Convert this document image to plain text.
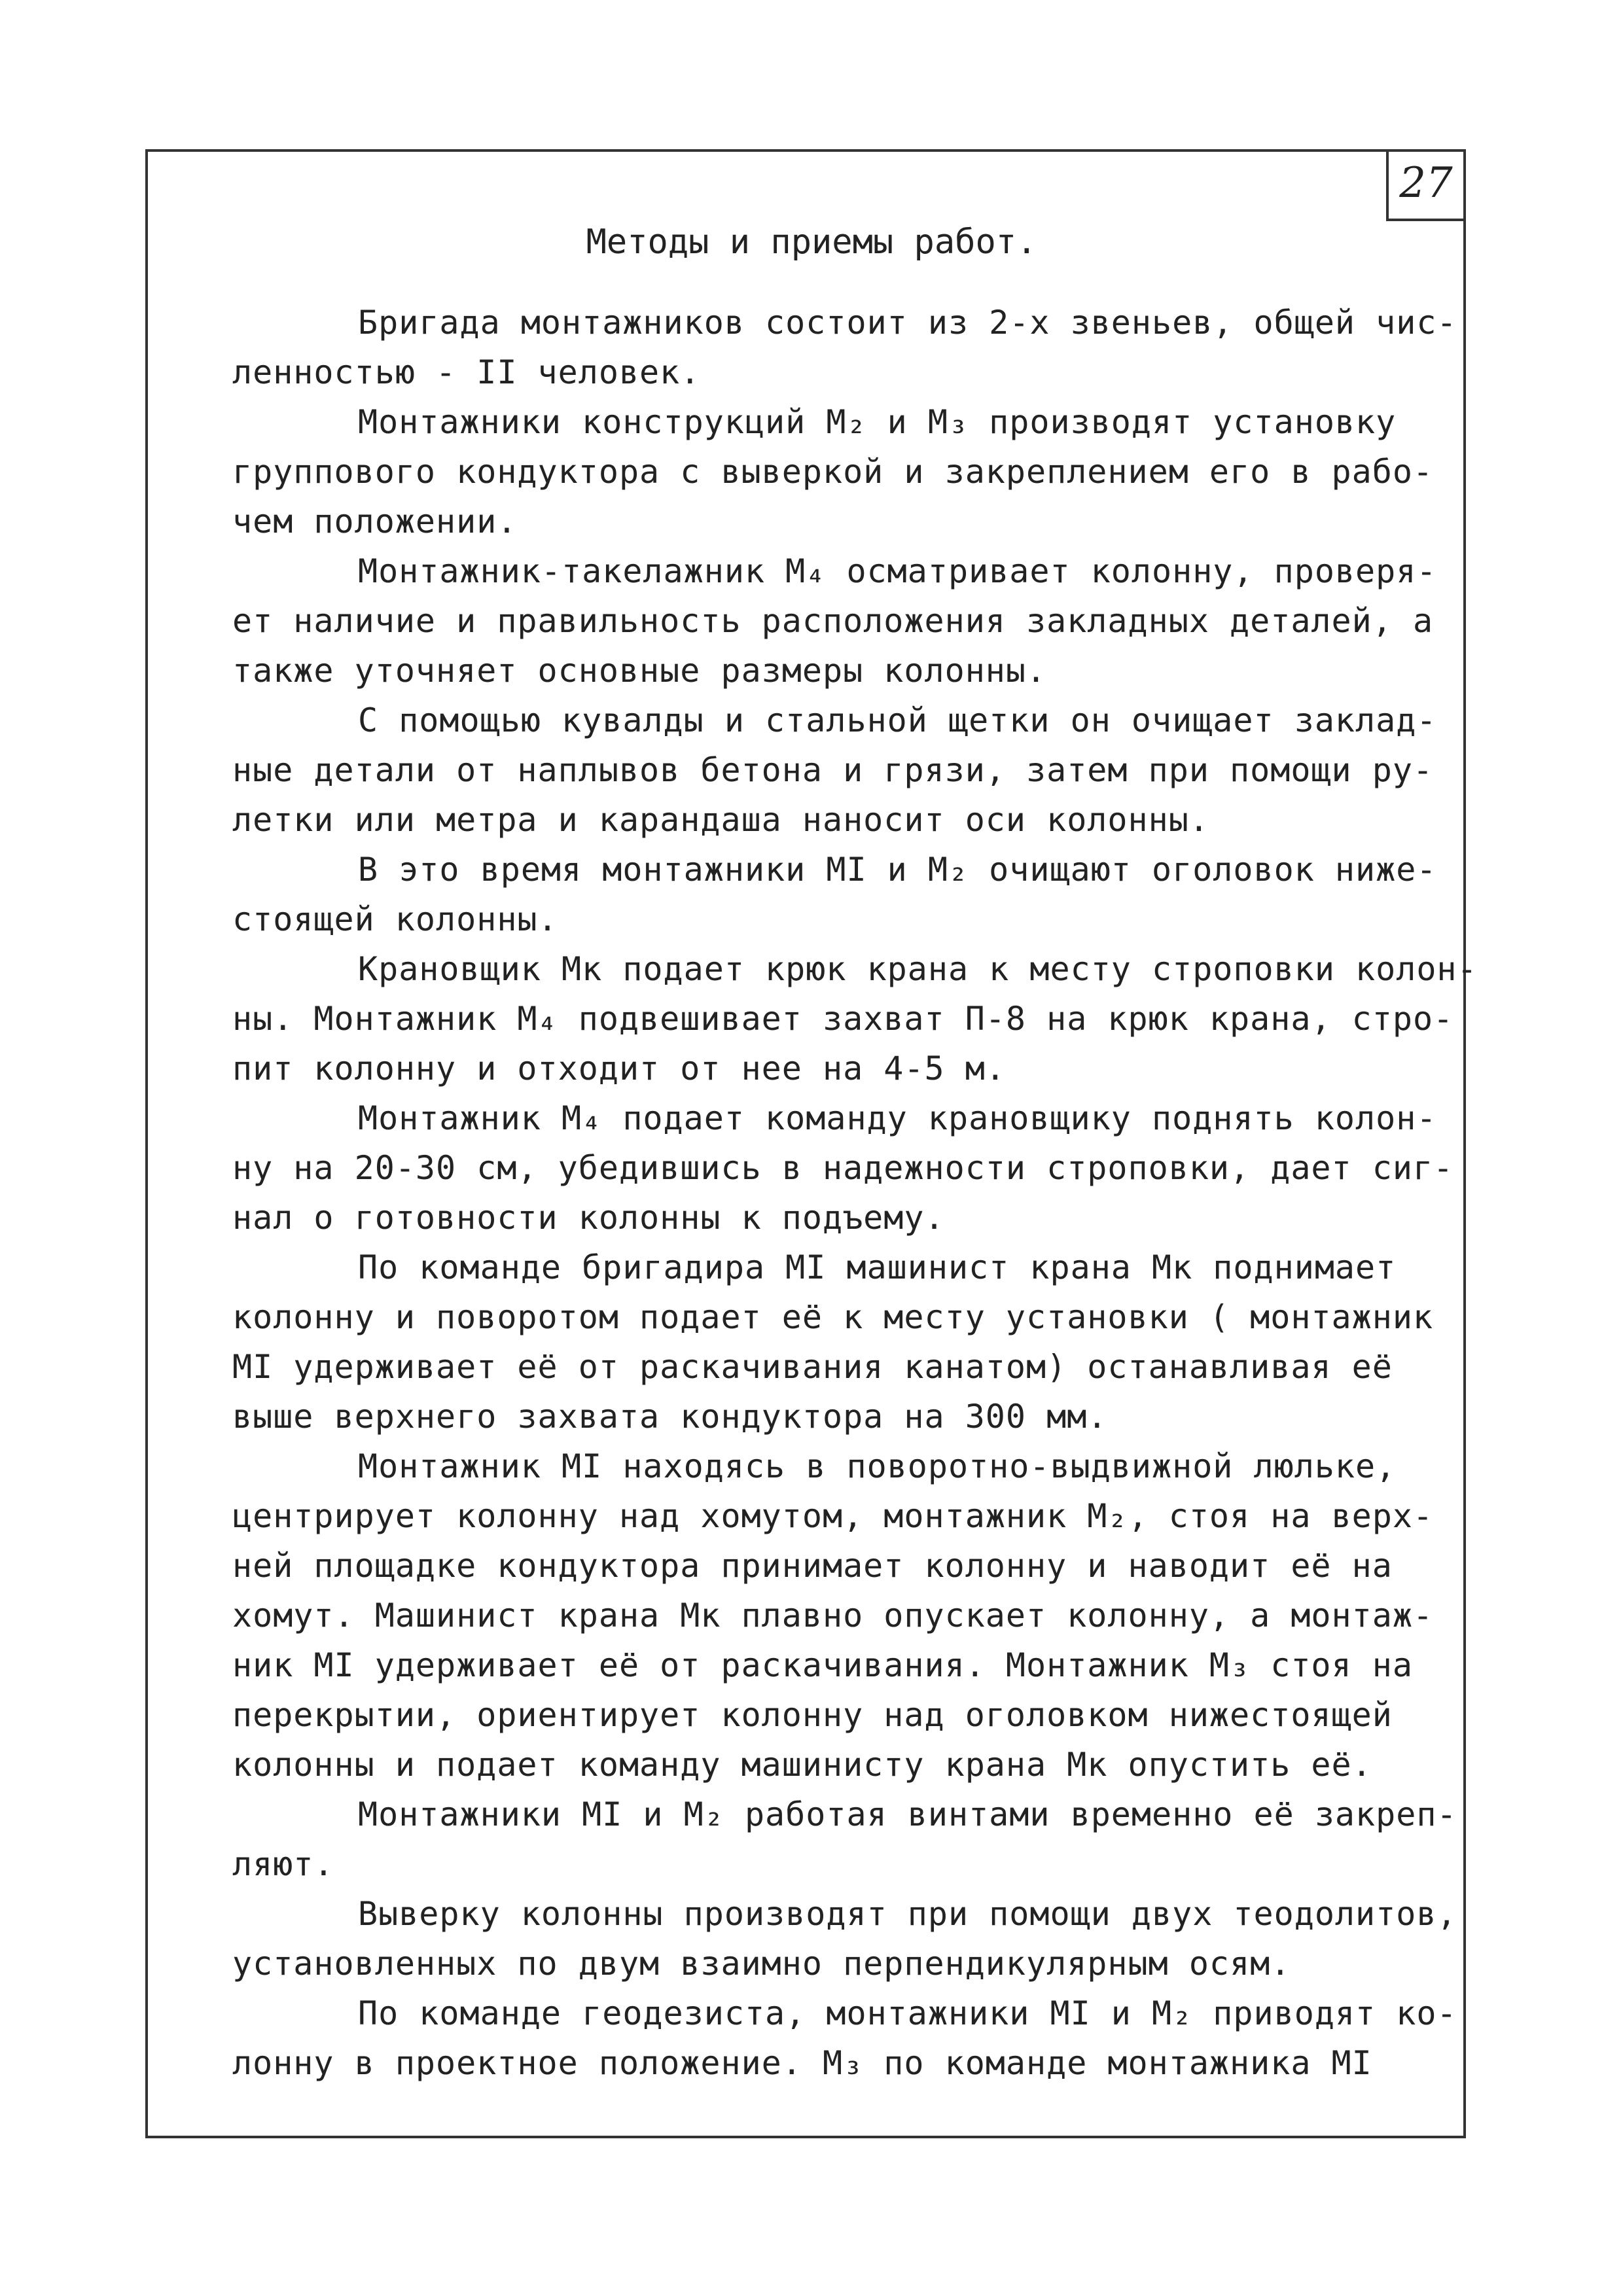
27
Методы и приемы работ.
Бригада монтажников состоит из 2-х звеньев, общей чис-
ленностью - II человек.
Монтажники конструкций М₂ и М₃ производят установку
группового кондуктора с выверкой и закреплением его в рабо-
чем положении.
Монтажник-такелажник М₄ осматривает колонну, проверя-
ет наличие и правильность расположения закладных деталей, а
также уточняет основные размеры колонны.
С помощью кувалды и стальной щетки он очищает заклад-
ные детали от наплывов бетона и грязи, затем при помощи ру-
летки или метра и карандаша наносит оси колонны.
В это время монтажники МI и М₂ очищают оголовок ниже-
стоящей колонны.
Крановщик Мк подает крюк крана к месту строповки колон-
ны. Монтажник М₄ подвешивает захват П-8 на крюк крана, стро-
пит колонну и отходит от нее на 4-5 м.
Монтажник М₄ подает команду крановщику поднять колон-
ну на 20-30 см, убедившись в надежности строповки, дает сиг-
нал о готовности колонны к подъему.
По команде бригадира МI машинист крана Мк поднимает
колонну и поворотом подает её к месту установки ( монтажник
МI удерживает её от раскачивания канатом) останавливая её
выше верхнего захвата кондуктора на 300 мм.
Монтажник МI находясь в поворотно-выдвижной люльке,
центрирует колонну над хомутом, монтажник М₂, стоя на верх-
ней площадке кондуктора принимает колонну и наводит её на
хомут. Машинист крана Мк плавно опускает колонну, а монтаж-
ник МI удерживает её от раскачивания. Монтажник М₃ стоя на
перекрытии, ориентирует колонну над оголовком нижестоящей
колонны и подает команду машинисту крана Мк опустить её.
Монтажники МI и М₂ работая винтами временно её закреп-
ляют.
Выверку колонны производят при помощи двух теодолитов,
установленных по двум взаимно перпендикулярным осям.
По команде геодезиста, монтажники МI и М₂ приводят ко-
лонну в проектное положение. М₃ по команде монтажника МI
